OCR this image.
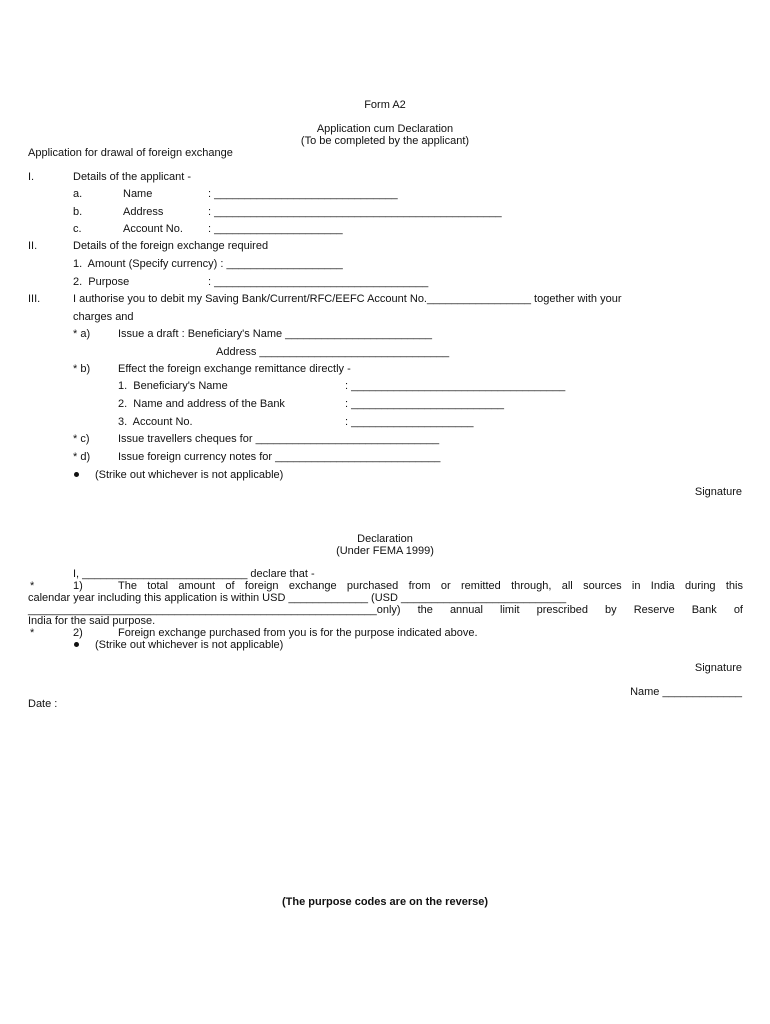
Form A2
Application cum Declaration
(To be completed by the applicant)
Application for drawal of foreign exchange
I.	Details of the applicant -
a.	Name	: ______________________________
b.	Address	: _______________________________________________
c.	Account No. : _____________________
II.	Details of the foreign exchange required
1.  Amount (Specify currency) : ___________________
2.  Purpose	: ___________________________________
III.	I authorise you to debit my Saving Bank/Current/RFC/EEFC Account No._________________ together with your
charges and
* a)	Issue a draft : Beneficiary's Name ________________________
Address _______________________________
* b)	Effect the foreign exchange remittance directly -
1.  Beneficiary's Name	: ___________________________________
2.  Name and address of the Bank	: _________________________
3.  Account No.	: ____________________
* c)	Issue travellers cheques for ______________________________
* d)	Issue foreign currency notes for ___________________________
(Strike out whichever is not applicable)
Signature
Declaration
(Under FEMA 1999)
I, ___________________________ declare that -
*	1)	The total amount of foreign exchange purchased from or remitted through, all sources in India during this
calendar year including this application is within USD _____________ (USD ___________________________
_________________________________________________________only) the annual limit prescribed by Reserve Bank of
India for the said purpose.
*	2)	Foreign exchange purchased from you is for the purpose indicated above.
(Strike out whichever is not applicable)
Signature
Name _____________
Date :
(The purpose codes are on the reverse)
